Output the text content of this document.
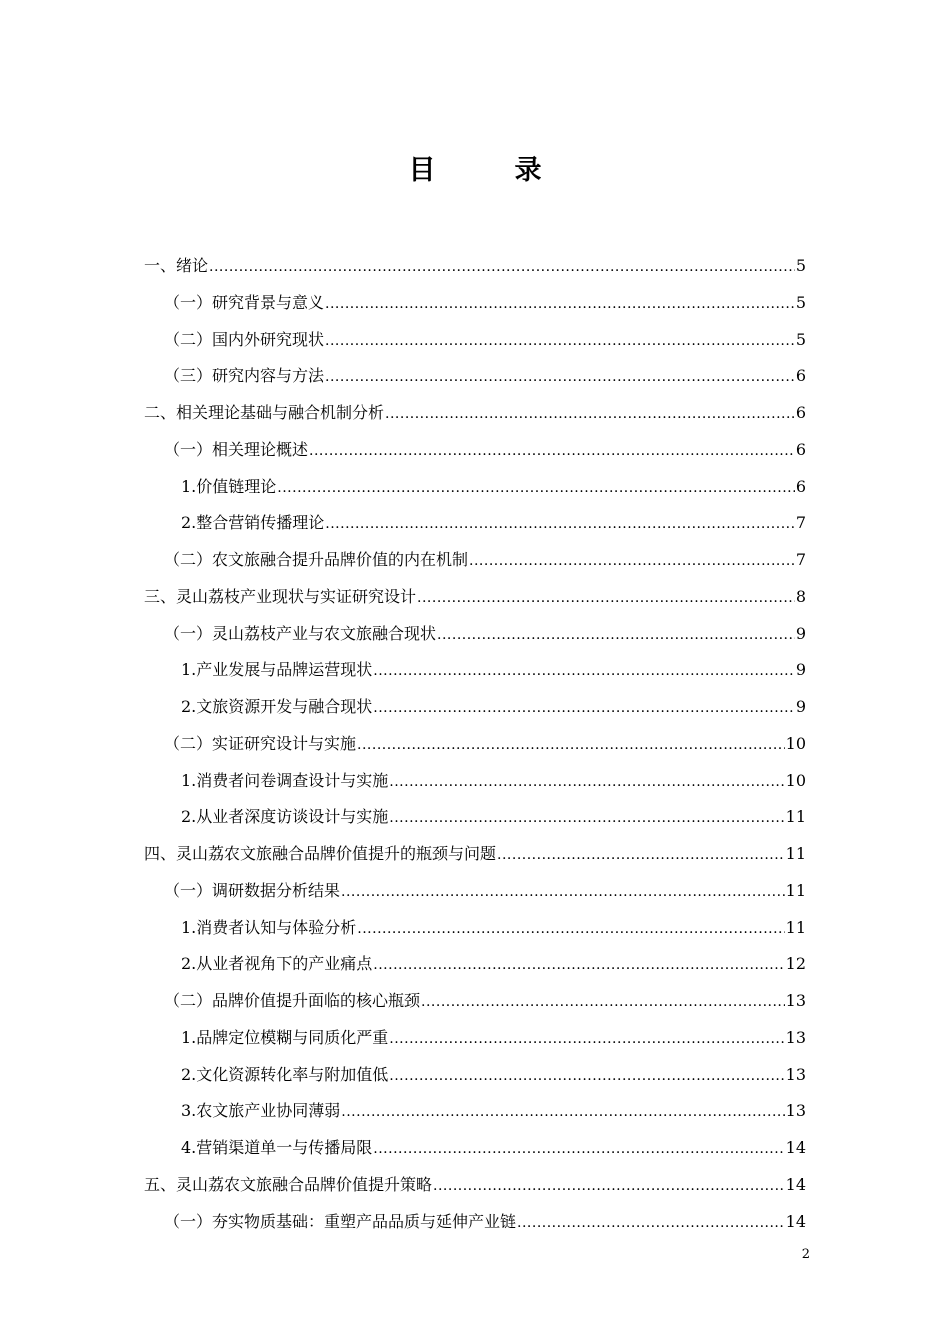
目　录
一、绪论 .....	5
（一）研究背景与意义 .....	5
（二）国内外研究现状 .....	5
（三）研究内容与方法 .....	6
二、相关理论基础与融合机制分析 .....	6
（一）相关理论概述 .....	6
1.价值链理论 .....	6
2.整合营销传播理论 .....	7
（二）农文旅融合提升品牌价值的内在机制 .....	7
三、灵山荔枝产业现状与实证研究设计 .....	8
（一）灵山荔枝产业与农文旅融合现状 .....	9
1.产业发展与品牌运营现状 .....	9
2.文旅资源开发与融合现状 .....	9
（二）实证研究设计与实施 .....	10
1.消费者问卷调查设计与实施 .....	10
2.从业者深度访谈设计与实施 .....	11
四、灵山荔农文旅融合品牌价值提升的瓶颈与问题 .....	11
（一）调研数据分析结果 .....	11
1.消费者认知与体验分析 .....	11
2.从业者视角下的产业痛点 .....	12
（二）品牌价值提升面临的核心瓶颈 .....	13
1.品牌定位模糊与同质化严重 .....	13
2.文化资源转化率与附加值低 .....	13
3.农文旅产业协同薄弱 .....	13
4.营销渠道单一与传播局限 .....	14
五、灵山荔农文旅融合品牌价值提升策略 .....	14
（一）夯实物质基础：重塑产品品质与延伸产业链 .....	14
2
